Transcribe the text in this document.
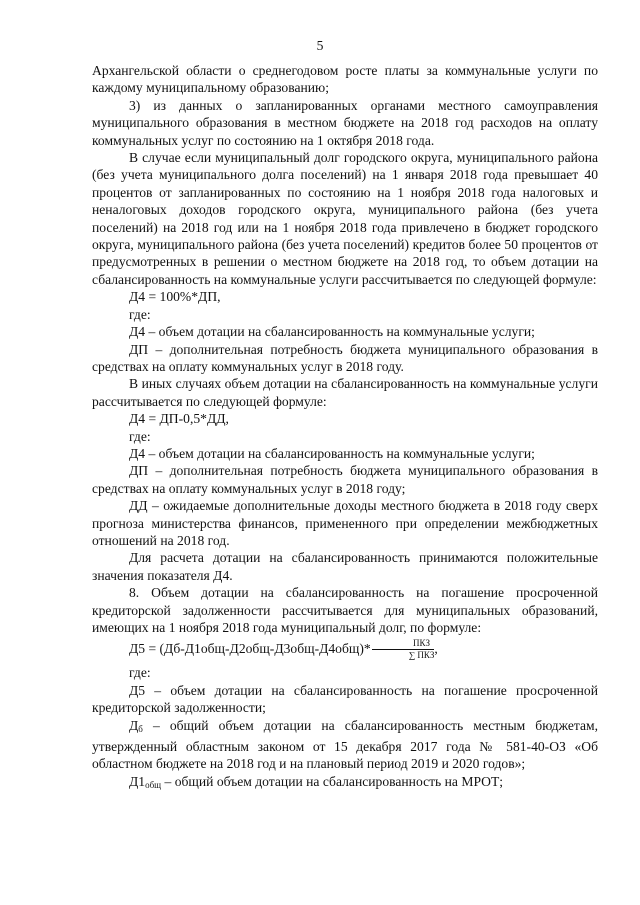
5

Архангельской области о среднегодовом росте платы за коммунальные услуги по каждому муниципальному образованию;

3) из данных о запланированных органами местного самоуправления муниципального образования в местном бюджете на 2018 год расходов на оплату коммунальных услуг по состоянию на 1 октября 2018 года.

В случае если муниципальный долг городского округа, муниципального района (без учета муниципального долга поселений) на 1 января 2018 года превышает 40 процентов от запланированных по состоянию на 1 ноября 2018 года налоговых и неналоговых доходов городского округа, муниципального района (без учета поселений) на 2018 год или на 1 ноября 2018 года привлечено в бюджет городского округа, муниципального района (без учета поселений) кредитов более 50 процентов от предусмотренных в решении о местном бюджете на 2018 год, то объем дотации на сбалансированность на коммунальные услуги рассчитывается по следующей формуле:

Д4 = 100%*ДП,

где:

Д4 – объем дотации на сбалансированность на коммунальные услуги;

ДП – дополнительная потребность бюджета муниципального образования в средствах на оплату коммунальных услуг в 2018 году.

В иных случаях объем дотации на сбалансированность на коммунальные услуги рассчитывается по следующей формуле:

Д4 = ДП-0,5*ДД,

где:

Д4 – объем дотации на сбалансированность на коммунальные услуги;

ДП – дополнительная потребность бюджета муниципального образования в средствах на оплату коммунальных услуг в 2018 году;

ДД – ожидаемые дополнительные доходы местного бюджета в 2018 году сверх прогноза министерства финансов, примененного при определении межбюджетных отношений на 2018 год.

Для расчета дотации на сбалансированность принимаются положительные значения показателя Д4.

8. Объем дотации на сбалансированность на погашение просроченной кредиторской задолженности рассчитывается для муниципальных образований, имеющих на 1 ноября 2018 года муниципальный долг, по формуле:

$Д5 = (Дб-Д1общ-Д2общ-Д3общ-Д4общ)* \frac{\text{ПКЗ}}{\text{∑ ПКЗ}}$ ,

где:

Д5 – объем дотации на сбалансированность на погашение просроченной кредиторской задолженности;

$Д_б$ – общий объем дотации на сбалансированность местным бюджетам, утвержденный областным законом от 15 декабря 2017 года № 581-40-ОЗ «Об областном бюджете на 2018 год и на плановый период 2019 и 2020 годов»;

$Д1_{общ}$ – общий объем дотации на сбалансированность на МРОТ;
